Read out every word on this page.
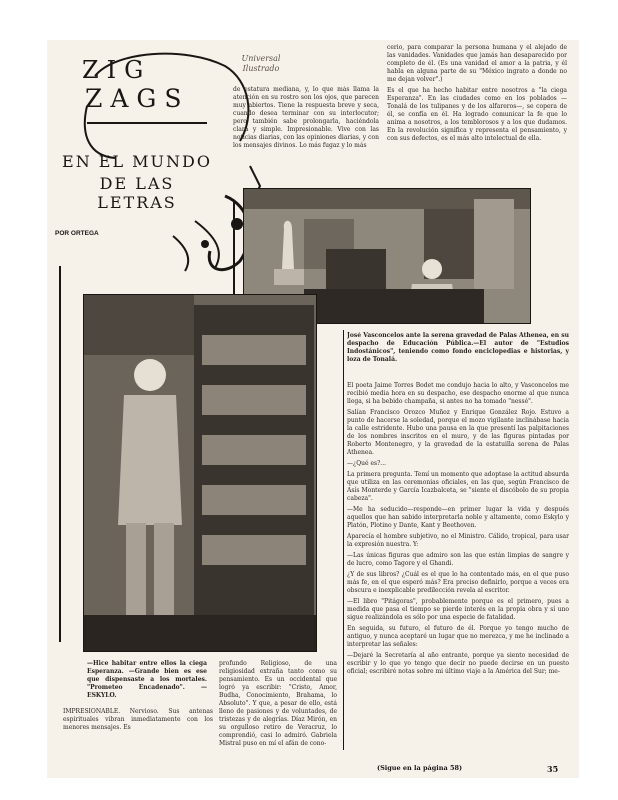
Universal Ilustrado
ZIG
ZAGS
EN EL MUNDO
DE LAS LETRAS
POR ORTEGA

de estatura mediana, y, lo que más llama la atención en su rostro son los ojos, que parecen muy abiertos. Tiene la respuesta breve y seca, cuando desea terminar con su interlocutor; pero también sabe prolongarla, haciéndola clara y simple. Impresionable. Vive con las noticias diarias, con las opiniones diarias, y con los mensajes divinos. Lo más fugaz y lo más

cerio, para comparar la persona humana y el alejado de las vanidades. Vanidades que jamás han desaparecido por completo de él. (Es una vanidad el amor a la patria, y él habla en alguna parte de su "México ingrato a donde no me dejan volver".)

Es el que ha hecho habitar entre nosotros a "la ciega Esperanza". En las ciudades como en los poblados —Tonalá de los tulipanes y de los alfareros—, se copera de él, se confía en él. Ha logrado comunicar la fe que lo anima a nosotros, a los temblorosos y a los que dudamos. En la revolución significa y representa el pensamiento, y con sus defectos, es el más alto intelectual de ella.

José Vasconcelos ante la serena gravedad de Palas Athenea, en su despacho de Educación Pública.—El autor de "Estudios Indostánicos", teniendo como fondo enciclopedias e historias, y loza de Tonalá.

El poeta Jaime Torres Bodet me condujo hacia lo alto, y Vasconcelos me recibió media hora en su despacho, ese despacho enorme al que nunca llega, si ha bebido champaña, si antes no ha tomado "nessé".

Salían Francisco Orozco Muñoz y Enrique González Rojo. Estuvo a punto de hacerse la soledad, porque el mozo vigilante inclinábase hacia la calle estridente. Hubo una pausa en la que presentí las palpitaciones de los nombres inscritos en el muro, y de las figuras pintadas por Roberto Montenegro, y la gravedad de la estatuilla serena de Palas Athenea.

—¿Qué es?...

La primera pregunta. Temí un momento que adoptase la actitud absurda que utiliza en las ceremonias oficiales, en las que, según Francisco de Asís Monterde y García Icazbalceta, se "siente el discóbolo de su propia cabeza".

—Me ha seducido—responde—en primer lugar la vida y después aquellos que han sabido interpretarla noble y altamente, como Eskylo y Platón, Plotino y Dante, Kant y Beethoven.

Aparecía el hombre subjetivo, no el Ministro. Cálido, tropical, para usar la expresión nuestra. Y:

—Las únicas figuras que admiro son las que están limpias de sangre y de lucro, como Tagore y el Ghandi.

¿Y de sus libros? ¿Cuál es el que lo ha contentado más, en el que puso más fe, en el que esperó más? Era preciso definirlo, porque a veces era obscura e inexplicable predilección revela al escritor.

—El libro "Pitágoras", probablemente porque es el primero, pues a medida que pasa el tiempo se pierde interés en la propia obra y sí uno sigue realizándola es sólo por una especie de fatalidad.

En seguida, su futuro, el futuro de él. Porque yo tengo mucho de antiguo, y nunca aceptaré un lugar que no merezca, y me he inclinado a interpretar las señales:

—Dejaré la Secretaría al año entrante, porque ya siento necesidad de escribir y lo que yo tengo que decir no puede decirse en un puesto oficial; escribiré notas sobre mi último viaje a la América del Sur; me-

—Hice habitar entre ellos la ciega Esperanza. —Grande bien es ese que dispensaste a los mortales. "Prometeo Encadenado". —ESKYLO.

IMPRESIONABLE. Nervioso. Sus antenas espirituales vibran inmediatamente con los menores mensajes. Es

profundo Religioso, de una religiosidad extraña tanto como su pensamiento. Es un occidental que logró ya escribir: "Cristo, Amor, Budha, Conocimiento, Brahama, lo Absoluto". Y que, a pesar de ello, está lleno de pasiones y de voluntades, de tristezas y de alegrías. Díaz Mirón, en su orgulloso retiro de Veracruz, lo comprendió, casi lo admiró. Gabriela Mistral puso en mí el afán de cono-

(Sigue en la página 58)	35
